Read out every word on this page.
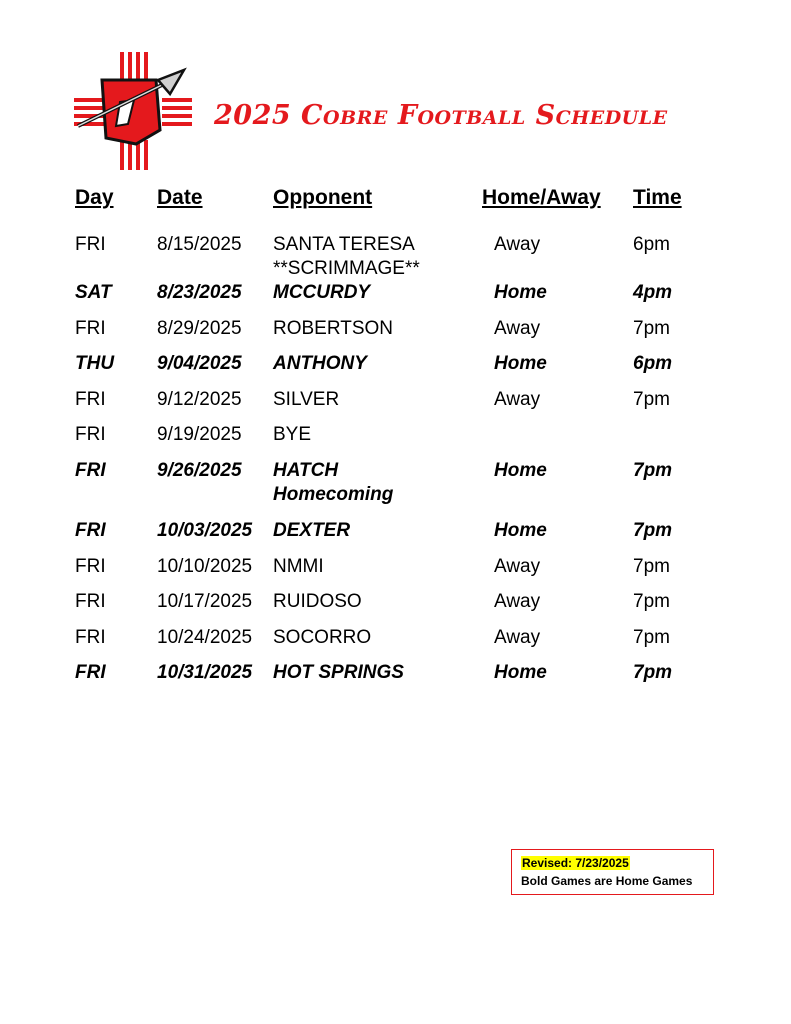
2025 Cobre Football Schedule
Day Date	Opponent	Home/Away Time
FRI	8/15/2025 SANTA TERESA
**SCRIMMAGE**
Away	6pm
SAT 8/23/2025 MCCURDY	Home	4pm
FRI	8/29/2025 ROBERTSON	Away	7pm
THU 9/04/2025 ANTHONY	Home	6pm
FRI	9/12/2025 SILVER	Away	7pm
FRI	9/19/2025 BYE
FRI	9/26/2025 HATCH
Homecoming
Home	7pm
FRI	10/03/2025 DEXTER	Home	7pm
FRI	10/10/2025 NMMI	Away	7pm
FRI	10/17/2025 RUIDOSO	Away	7pm
FRI	10/24/2025 SOCORRO	Away	7pm
FRI	10/31/2025 HOT SPRINGS	Home	7pm
Revised: 7/23/2025
Bold Games are Home Games
